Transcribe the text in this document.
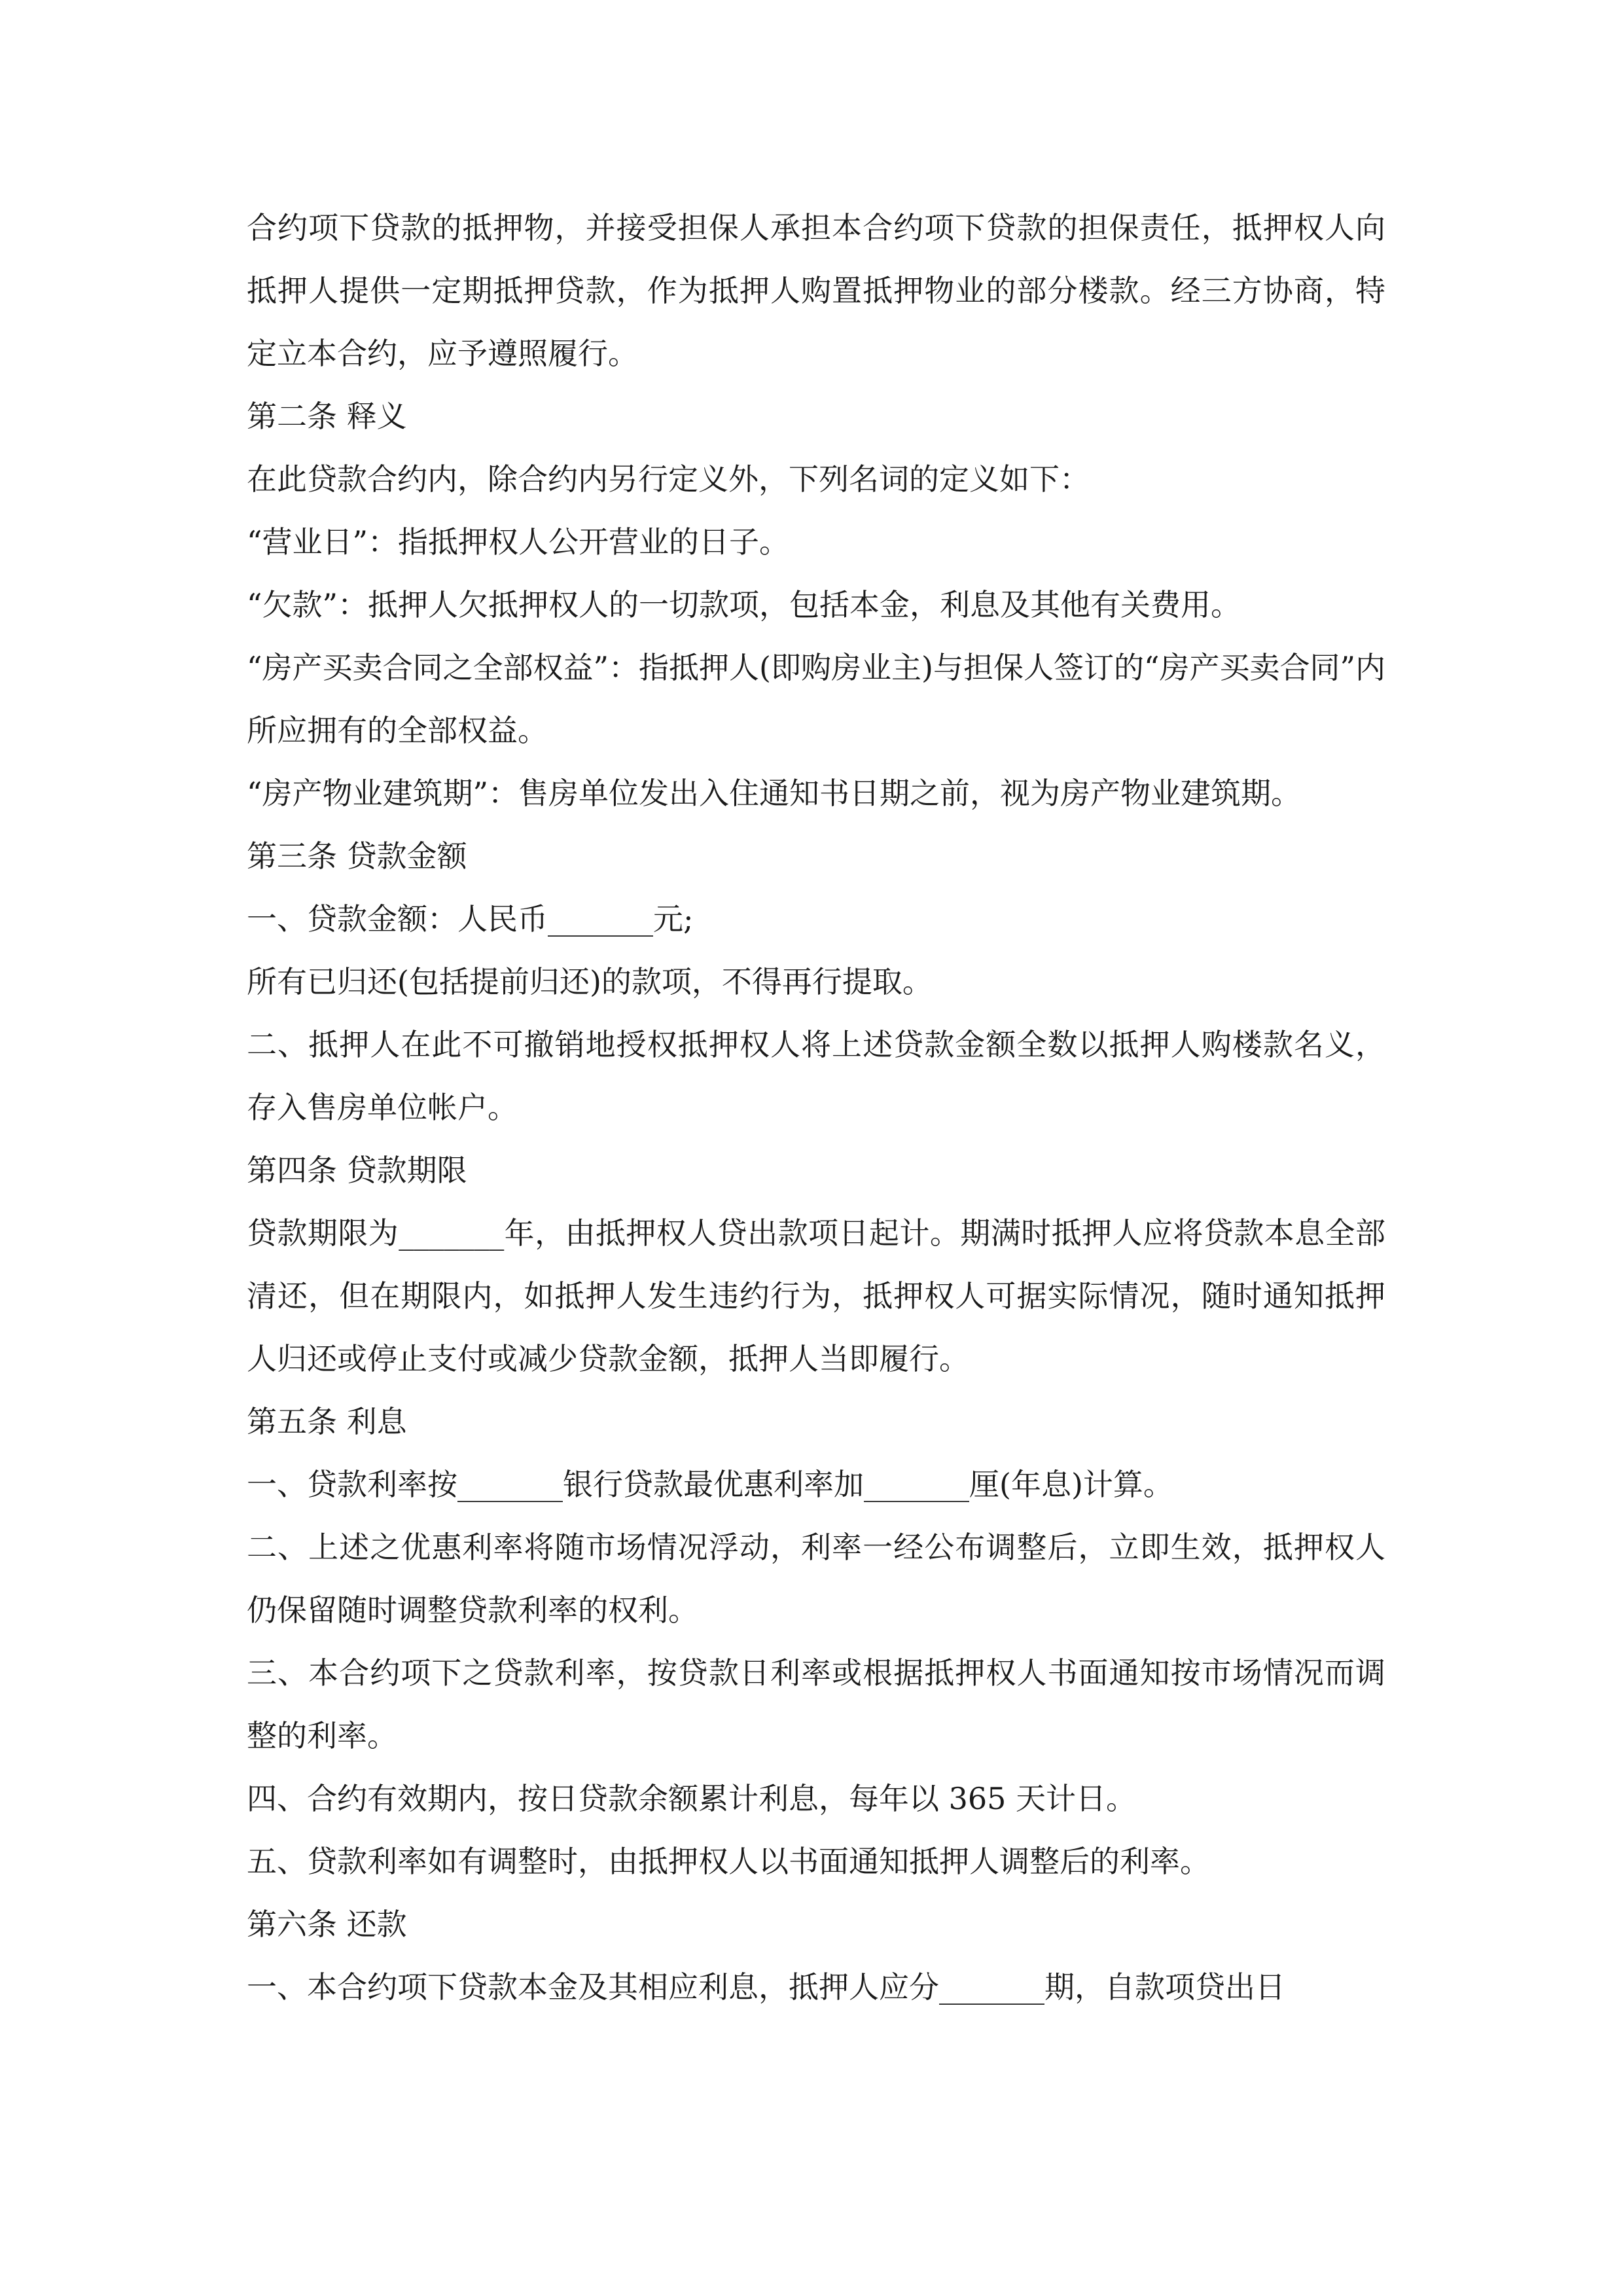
合约项下贷款的抵押物，并接受担保人承担本合约项下贷款的担保责任，抵押权人向抵押人提供一定期抵押贷款，作为抵押人购置抵押物业的部分楼款。经三方协商，特定立本合约，应予遵照履行。

第二条 释义

在此贷款合约内，除合约内另行定义外，下列名词的定义如下：

“营业日”：指抵押权人公开营业的日子。

“欠款”：抵押人欠抵押权人的一切款项，包括本金，利息及其他有关费用。

“房产买卖合同之全部权益”：指抵押人(即购房业主)与担保人签订的“房产买卖合同”内所应拥有的全部权益。

“房产物业建筑期”：售房单位发出入住通知书日期之前，视为房产物业建筑期。

第三条 贷款金额

一、贷款金额：人民币_______元;

所有已归还(包括提前归还)的款项，不得再行提取。

二、抵押人在此不可撤销地授权抵押权人将上述贷款金额全数以抵押人购楼款名义，存入售房单位帐户。

第四条 贷款期限

贷款期限为_______年，由抵押权人贷出款项日起计。期满时抵押人应将贷款本息全部清还，但在期限内，如抵押人发生违约行为，抵押权人可据实际情况，随时通知抵押人归还或停止支付或减少贷款金额，抵押人当即履行。

第五条 利息

一、贷款利率按_______银行贷款最优惠利率加_______厘(年息)计算。

二、上述之优惠利率将随市场情况浮动，利率一经公布调整后，立即生效，抵押权人仍保留随时调整贷款利率的权利。

三、本合约项下之贷款利率，按贷款日利率或根据抵押权人书面通知按市场情况而调整的利率。

四、合约有效期内，按日贷款余额累计利息，每年以 365 天计日。

五、贷款利率如有调整时，由抵押权人以书面通知抵押人调整后的利率。

第六条 还款

一、本合约项下贷款本金及其相应利息，抵押人应分_______期，自款项贷出日
